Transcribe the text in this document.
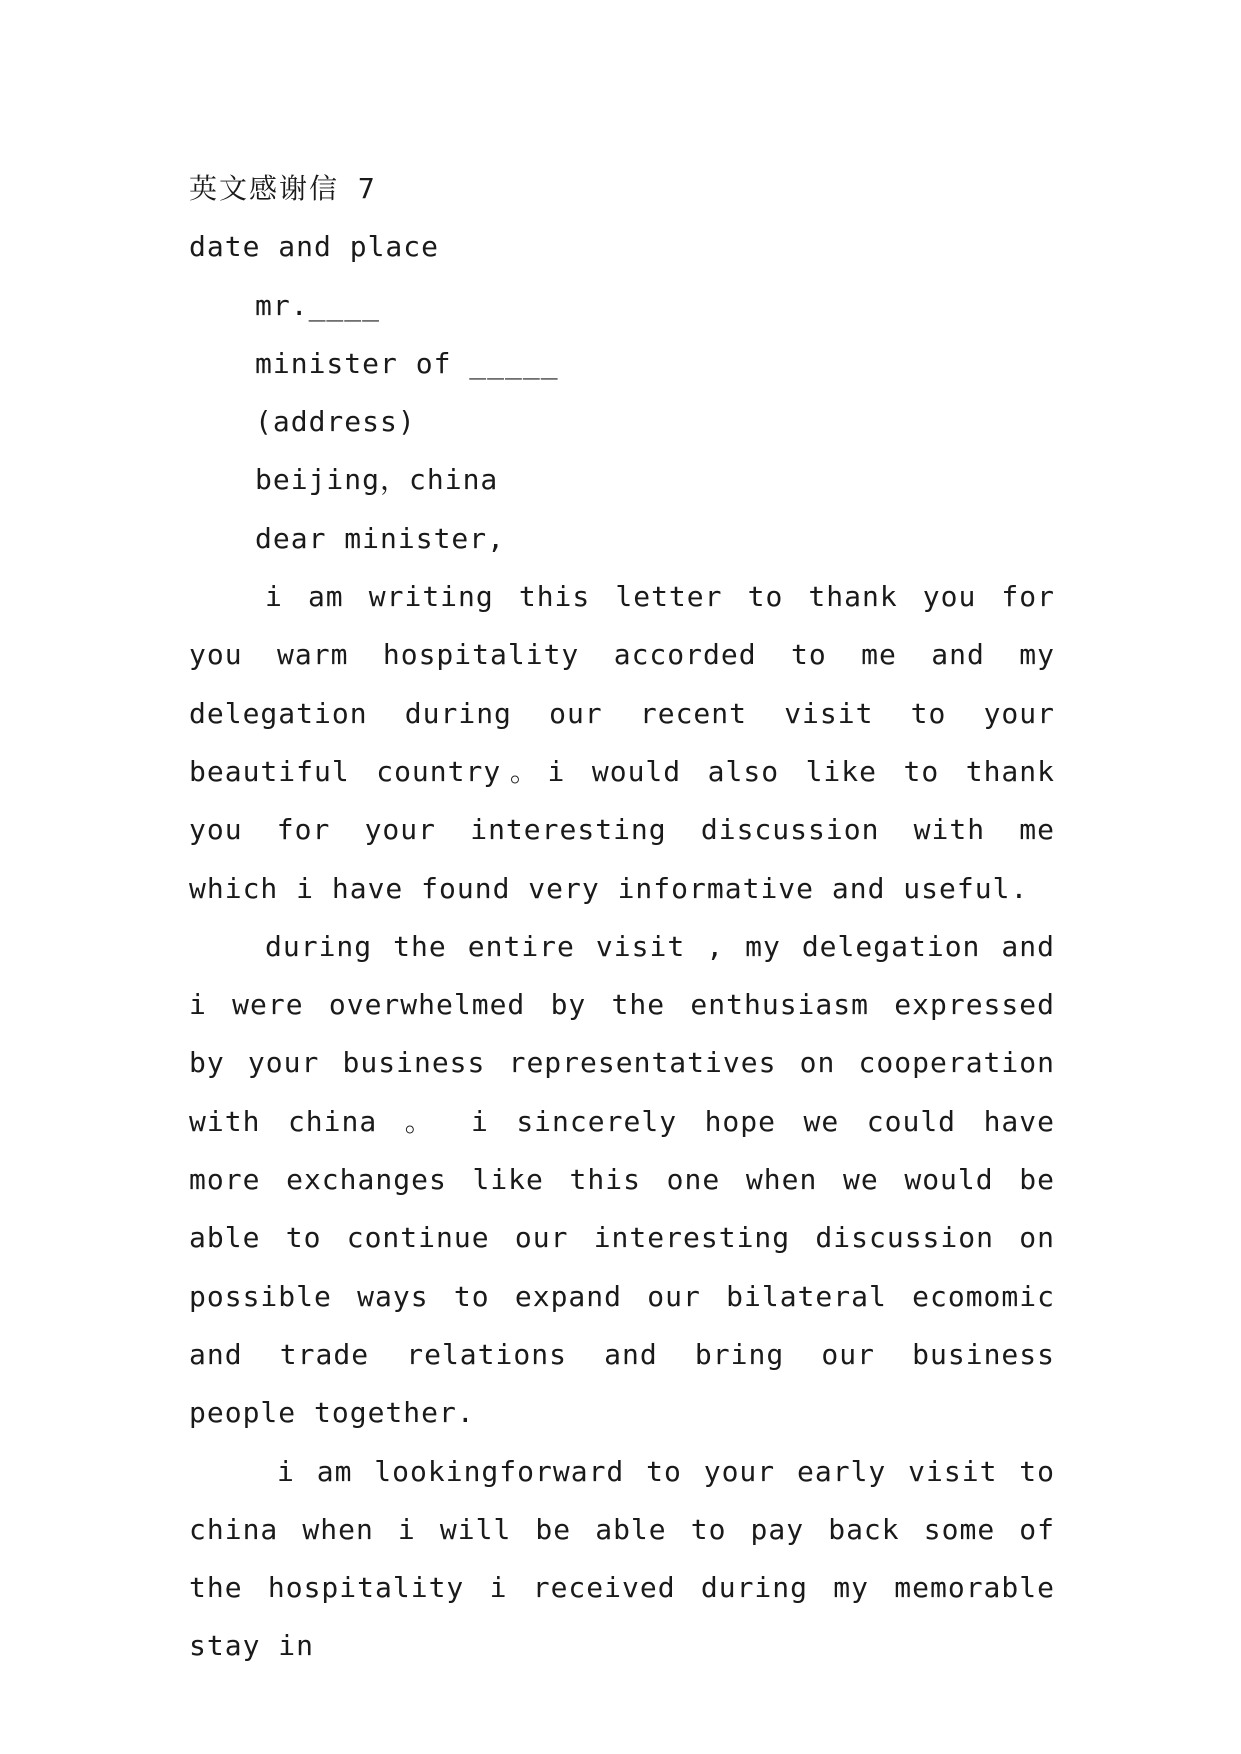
英文感谢信 7
date and place
mr.____
minister of _____
(address)
beijing，china
dear minister,

i am writing this letter to thank you for you warm hospitality accorded to me and my delegation during our recent visit to your beautiful country。i would also like to thank you for your interesting discussion with me which i have found very informative and useful.

during the entire visit , my delegation and i were overwhelmed by the enthusiasm expressed by your business representatives on cooperation with china 。 i sincerely hope we could have more exchanges like this one when we would be able to continue our interesting discussion on possible ways to expand our bilateral ecomomic and trade relations and bring our business people together.

i am lookingforward to your early visit to china when i will be able to pay back some of the hospitality i received during my memorable stay in
